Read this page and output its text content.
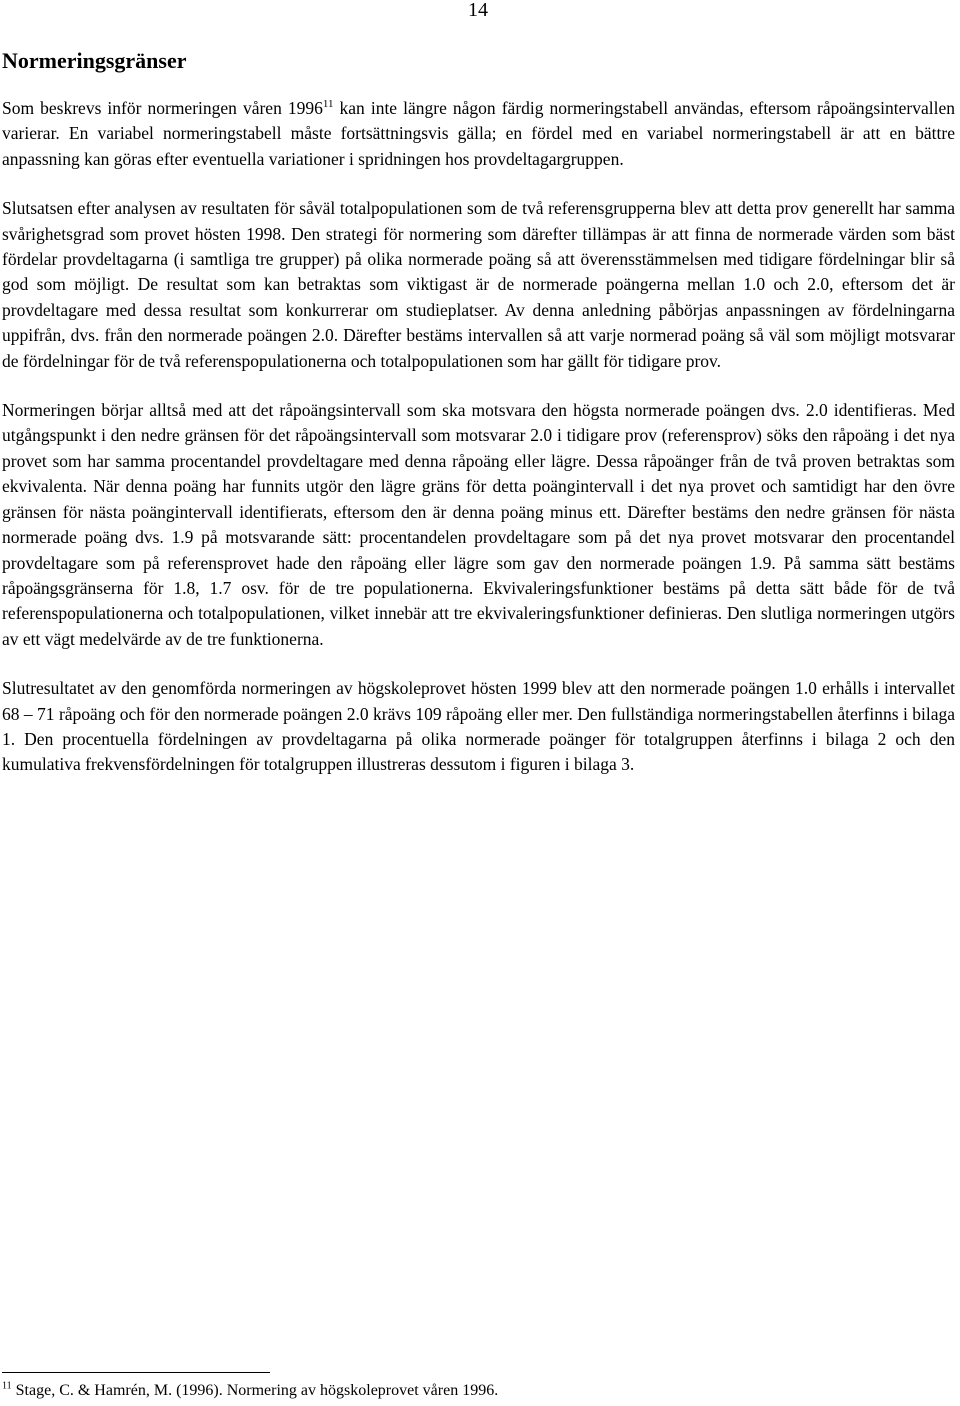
14
Normeringsgränser

Som beskrevs inför normeringen våren 1996$^{11}$ kan inte längre någon färdig normeringstabell användas, eftersom råpoängsintervallen varierar. En variabel normeringstabell måste fortsättningsvis gälla; en fördel med en variabel normeringstabell är att en bättre anpassning kan göras efter eventuella variationer i spridningen hos provdeltagargruppen.

Slutsatsen efter analysen av resultaten för såväl totalpopulationen som de två referensgrupperna blev att detta prov generellt har samma svårighetsgrad som provet hösten 1998. Den strategi för normering som därefter tillämpas är att finna de normerade värden som bäst fördelar provdeltagarna (i samtliga tre grupper) på olika normerade poäng så att överensstämmelsen med tidigare fördelningar blir så god som möjligt. De resultat som kan betraktas som viktigast är de normerade poängerna mellan 1.0 och 2.0, eftersom det är provdeltagare med dessa resultat som konkurrerar om studieplatser. Av denna anledning påbörjas anpassningen av fördelningarna uppifrån, dvs. från den normerade poängen 2.0. Därefter bestäms intervallen så att varje normerad poäng så väl som möjligt motsvarar de fördelningar för de två referenspopulationerna och totalpopulationen som har gällt för tidigare prov.

Normeringen börjar alltså med att det råpoängsintervall som ska motsvara den högsta normerade poängen dvs. 2.0 identifieras. Med utgångspunkt i den nedre gränsen för det råpoängsintervall som motsvarar 2.0 i tidigare prov (referensprov) söks den råpoäng i det nya provet som har samma procentandel provdeltagare med denna råpoäng eller lägre. Dessa råpoänger från de två proven betraktas som ekvivalenta. När denna poäng har funnits utgör den lägre gräns för detta poängintervall i det nya provet och samtidigt har den övre gränsen för nästa poängintervall identifierats, eftersom den är denna poäng minus ett. Därefter bestäms den nedre gränsen för nästa normerade poäng dvs. 1.9 på motsvarande sätt: procentandelen provdeltagare som på det nya provet motsvarar den procentandel provdeltagare som på referensprovet hade den råpoäng eller lägre som gav den normerade poängen 1.9. På samma sätt bestäms råpoängsgränserna för 1.8, 1.7 osv. för de tre populationerna. Ekvivaleringsfunktioner bestäms på detta sätt både för de två referenspopulationerna och totalpopulationen, vilket innebär att tre ekvivaleringsfunktioner definieras. Den slutliga normeringen utgörs av ett vägt medelvärde av de tre funktionerna.

Slutresultatet av den genomförda normeringen av högskoleprovet hösten 1999 blev att den normerade poängen 1.0 erhålls i intervallet 68 – 71 råpoäng och för den normerade poängen 2.0 krävs 109 råpoäng eller mer. Den fullständiga normeringstabellen återfinns i bilaga 1. Den procentuella fördelningen av provdeltagarna på olika normerade poänger för totalgruppen återfinns i bilaga 2 och den kumulativa frekvensfördelningen för totalgruppen illustreras dessutom i figuren i bilaga 3.

$^{11}$ Stage, C. & Hamrén, M. (1996). Normering av högskoleprovet våren 1996.
